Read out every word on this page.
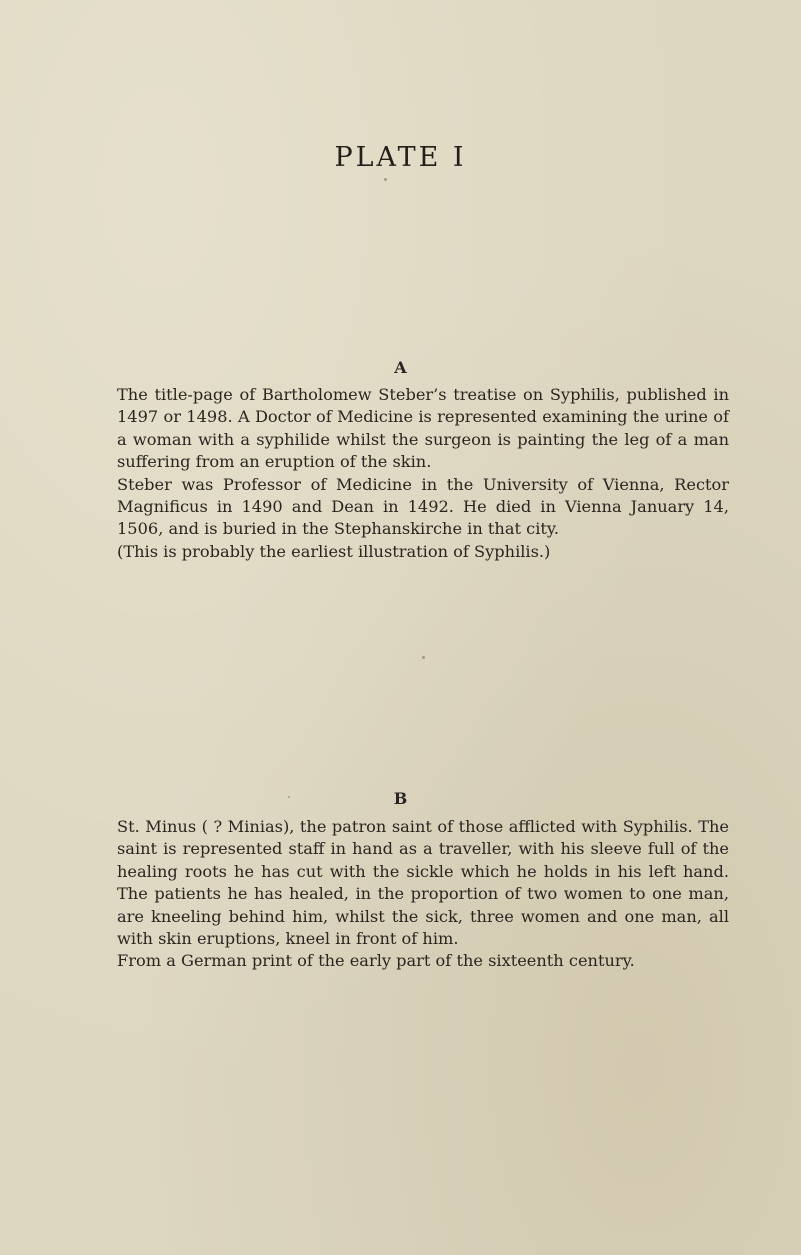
PLATE I
A

The title-page of Bartholomew Steber’s treatise on Syphilis, published in 1497 or 1498. A Doctor of Medicine is represented examining the urine of a woman with a syphilide whilst the surgeon is painting the leg of a man suffering from an eruption of the skin.

Steber was Professor of Medicine in the University of Vienna, Rector Magnificus in 1490 and Dean in 1492. He died in Vienna January 14, 1506, and is buried in the Stephanskirche in that city.

(This is probably the earliest illustration of Syphilis.)

B

St. Minus ( ? Minias), the patron saint of those afflicted with Syphilis. The saint is represented staff in hand as a traveller, with his sleeve full of the healing roots he has cut with the sickle which he holds in his left hand. The patients he has healed, in the proportion of two women to one man, are kneeling behind him, whilst the sick, three women and one man, all with skin eruptions, kneel in front of him.

From a German print of the early part of the sixteenth century.
